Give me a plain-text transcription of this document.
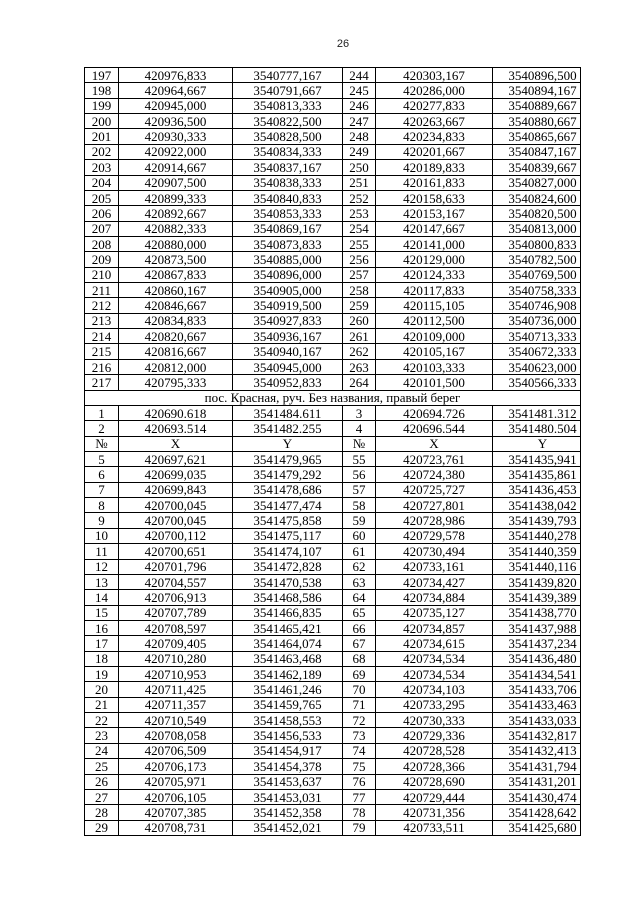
26
197	420976,833	3540777,167	244	420303,167	3540896,500
198	420964,667	3540791,667	245	420286,000	3540894,167
199	420945,000	3540813,333	246	420277,833	3540889,667
200	420936,500	3540822,500	247	420263,667	3540880,667
201	420930,333	3540828,500	248	420234,833	3540865,667
202	420922,000	3540834,333	249	420201,667	3540847,167
203	420914,667	3540837,167	250	420189,833	3540839,667
204	420907,500	3540838,333	251	420161,833	3540827,000
205	420899,333	3540840,833	252	420158,633	3540824,600
206	420892,667	3540853,333	253	420153,167	3540820,500
207	420882,333	3540869,167	254	420147,667	3540813,000
208	420880,000	3540873,833	255	420141,000	3540800,833
209	420873,500	3540885,000	256	420129,000	3540782,500
210	420867,833	3540896,000	257	420124,333	3540769,500
211	420860,167	3540905,000	258	420117,833	3540758,333
212	420846,667	3540919,500	259	420115,105	3540746,908
213	420834,833	3540927,833	260	420112,500	3540736,000
214	420820,667	3540936,167	261	420109,000	3540713,333
215	420816,667	3540940,167	262	420105,167	3540672,333
216	420812,000	3540945,000	263	420103,333	3540623,000
217	420795,333	3540952,833	264	420101,500	3540566,333
пос. Красная, руч. Без названия, правый берег					
1	420690.618	3541484.611	3	420694.726	3541481.312
2	420693.514	3541482.255	4	420696.544	3541480.504
№	X	Y	№	X	Y
5	420697,621	3541479,965	55	420723,761	3541435,941
6	420699,035	3541479,292	56	420724,380	3541435,861
7	420699,843	3541478,686	57	420725,727	3541436,453
8	420700,045	3541477,474	58	420727,801	3541438,042
9	420700,045	3541475,858	59	420728,986	3541439,793
10	420700,112	3541475,117	60	420729,578	3541440,278
11	420700,651	3541474,107	61	420730,494	3541440,359
12	420701,796	3541472,828	62	420733,161	3541440,116
13	420704,557	3541470,538	63	420734,427	3541439,820
14	420706,913	3541468,586	64	420734,884	3541439,389
15	420707,789	3541466,835	65	420735,127	3541438,770
16	420708,597	3541465,421	66	420734,857	3541437,988
17	420709,405	3541464,074	67	420734,615	3541437,234
18	420710,280	3541463,468	68	420734,534	3541436,480
19	420710,953	3541462,189	69	420734,534	3541434,541
20	420711,425	3541461,246	70	420734,103	3541433,706
21	420711,357	3541459,765	71	420733,295	3541433,463
22	420710,549	3541458,553	72	420730,333	3541433,033
23	420708,058	3541456,533	73	420729,336	3541432,817
24	420706,509	3541454,917	74	420728,528	3541432,413
25	420706,173	3541454,378	75	420728,366	3541431,794
26	420705,971	3541453,637	76	420728,690	3541431,201
27	420706,105	3541453,031	77	420729,444	3541430,474
28	420707,385	3541452,358	78	420731,356	3541428,642
29	420708,731	3541452,021	79	420733,511	3541425,680
